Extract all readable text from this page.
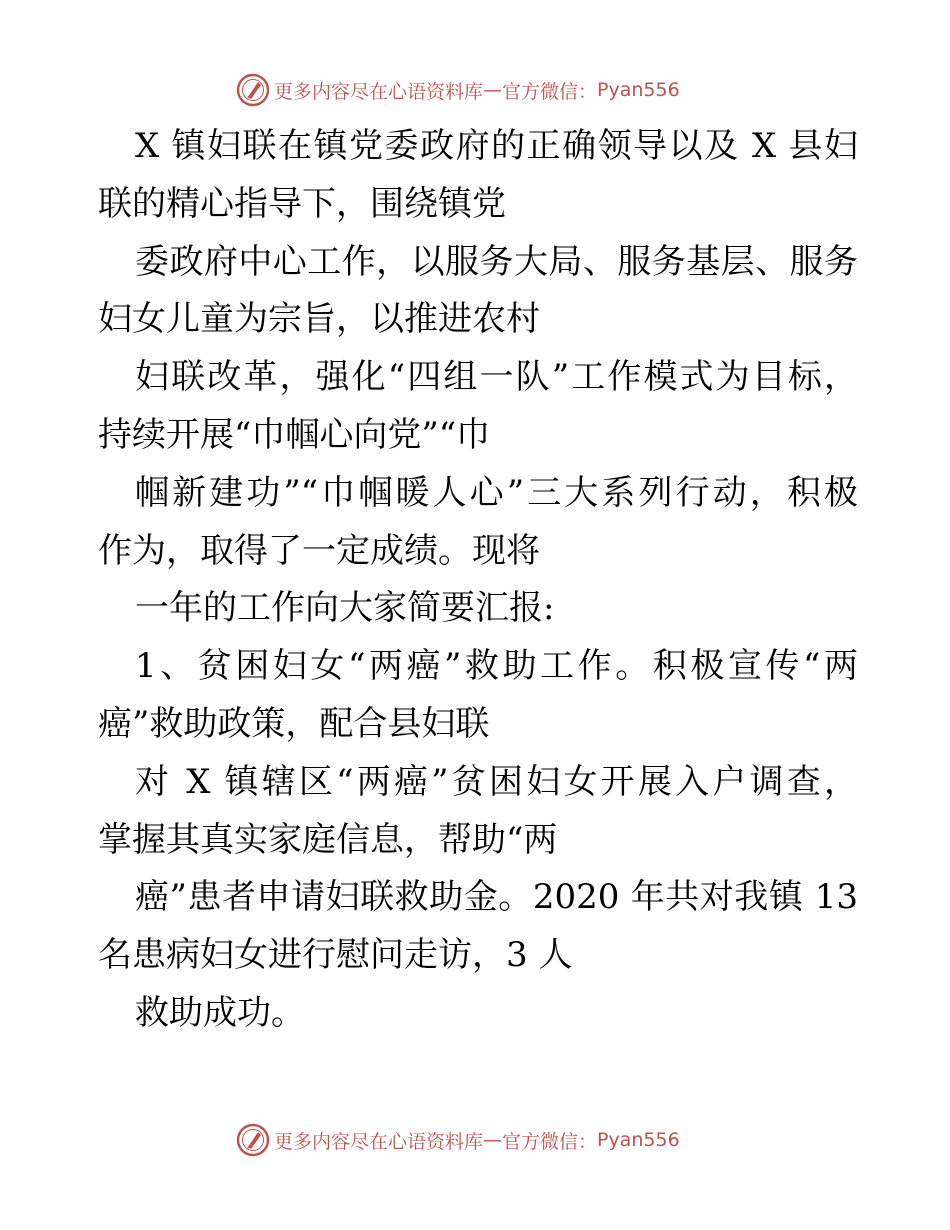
更多内容尽在心语资料库 — 官方微信： Pyan556
X 镇妇联在镇党委政府的正确领导以及 X 县妇
联的精心指导下，围绕镇党
委政府中心工作，以服务大局、服务基层、服务
妇女儿童为宗旨，以推进农村
妇联改革，强化“四组一队”工作模式为目标，
持续开展“巾帼心向党”“巾
帼新建功”“巾帼暖人心”三大系列行动，积极
作为，取得了一定成绩。现将
一年的工作向大家简要汇报:
1、贫困妇女“两癌”救助工作。积极宣传“两
癌”救助政策，配合县妇联
对 X 镇辖区“两癌”贫困妇女开展入户调查，
掌握其真实家庭信息，帮助“两
癌”患者申请妇联救助金。2020 年共对我镇 13
名患病妇女进行慰问走访，3 人
救助成功。
更多内容尽在心语资料库 — 官方微信： Pyan556
